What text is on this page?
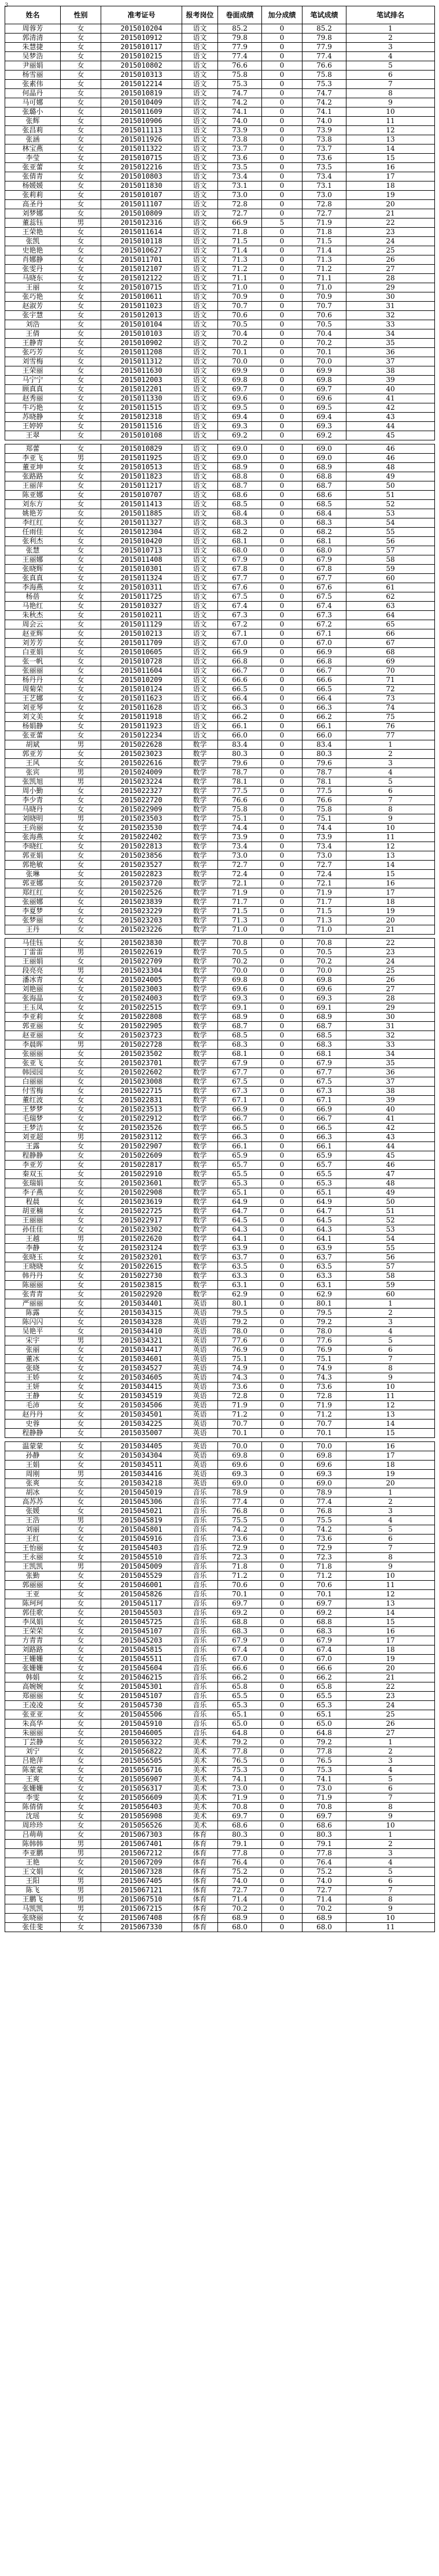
3
姓名	性别	准考证号	报考岗位	卷面成绩	加分成绩	笔试成绩	笔试排名
周蓉芳	女	2015010204	语文	85.2	0	85.2	1
郭清清	女	2015010912	语文	79.8	0	79.8	2
朱慧捷	女	2015010117	语文	77.9	0	77.9	3
吴梦浩	女	2015010215	语文	77.4	0	77.4	4
尹丽娟	女	2015010802	语文	76.6	0	76.6	5
杨雪丽	女	2015010313	语文	75.8	0	75.8	6
张素伟	女	2015012214	语文	75.3	0	75.3	7
何晶丹	女	2015010819	语文	74.7	0	74.7	8
马可娜	女	2015010409	语文	74.2	0	74.2	9
张璐小	女	2015011609	语文	74.1	0	74.1	10
张辉	女	2015010906	语文	74.0	0	74.0	11
张昌莉	女	2015011113	语文	73.9	0	73.9	12
张涵	女	2015011926	语文	73.8	0	73.8	13
林宝燕	女	2015011322	语文	73.7	0	73.7	14
李莹	女	2015010715	语文	73.6	0	73.6	15
张亚蕾	女	2015012216	语文	73.5	0	73.5	16
张倩青	女	2015010803	语文	73.4	0	73.4	17
杨媛媛	女	2015011830	语文	73.1	0	73.1	18
张莉莉	女	2015010107	语文	73.0	0	73.0	19
高圣丹	女	2015011107	语文	72.8	0	72.8	20
刘梦娜	女	2015010809	语文	72.7	0	72.7	21
董蕊钰	男	2015012316	语文	66.9	5	71.9	22
王荣艳	女	2015011614	语文	71.8	0	71.8	23
张凯	女	2015010118	语文	71.5	0	71.5	24
史艳艳	女	2015010627	语文	71.4	0	71.4	25
肖娜静	女	2015011701	语文	71.3	0	71.3	26
张雯丹	女	2015012107	语文	71.2	0	71.2	27
马晓东	女	2015012122	语文	71.1	0	71.1	28
王丽	女	2015010715	语文	71.0	0	71.0	29
张巧艳	女	2015010611	语文	70.9	0	70.9	30
赵淑芳	女	2015011023	语文	70.7	0	70.7	31
张宇慧	女	2015012013	语文	70.6	0	70.6	32
刘浩	女	2015010104	语文	70.5	0	70.5	33
王倩	女	2015010103	语文	70.4	0	70.4	34
王静青	女	2015010902	语文	70.2	0	70.2	35
张巧芳	女	2015011208	语文	70.1	0	70.1	36
刘雪梅	女	2015011312	语文	70.0	0	70.0	37
王荣丽	女	2015011630	语文	69.9	0	69.9	38
马宁宁	女	2015012003	语文	69.8	0	69.8	39
顾真真	女	2015012201	语文	69.7	0	69.7	40
赵秀丽	女	2015011330	语文	69.6	0	69.6	41
牛巧艳	女	2015011515	语文	69.5	0	69.5	42
苏晓静	女	2015012318	语文	69.4	0	69.4	43
王婷婷	女	2015011516	语文	69.3	0	69.3	44
王翠	女	2015010108	语文	69.2	0	69.2	45

郑蕾	女	2015010829	语文	69.0	0	69.0	46
李亚飞	男	2015011925	语文	69.0	0	69.0	46
董亚坤	女	2015010513	语文	68.9	0	68.9	48
张路路	女	2015011823	语文	68.8	0	68.8	49
王丽萍	女	2015011217	语文	68.7	0	68.7	50
陈亚娜	女	2015010707	语文	68.6	0	68.6	51
刘东方	女	2015011413	语文	68.5	0	68.5	52
姚艳芳	女	2015011885	语文	68.4	0	68.4	53
李红红	女	2015011327	语文	68.3	0	68.3	54
任雨佳	女	2015012304	语文	68.2	0	68.2	55
张利杰	女	2015010420	语文	68.1	0	68.1	56
张慧	女	2015010713	语文	68.0	0	68.0	57
王丽娜	女	2015011408	语文	67.9	0	67.9	58
张晓辉	女	2015010301	语文	67.8	0	67.8	59
张真真	女	2015011324	语文	67.7	0	67.7	60
李海燕	女	2015010311	语文	67.6	0	67.6	61
杨蓓	女	2015011725	语文	67.5	0	67.5	62
马艳红	女	2015010327	语文	67.4	0	67.4	63
朱秋杰	女	2015010211	语文	67.3	0	67.3	64
周会云	女	2015011129	语文	67.2	0	67.2	65
赵亚辉	女	2015010213	语文	67.1	0	67.1	66
刘芳芳	女	2015011709	语文	67.0	0	67.0	67
白亚娟	女	2015010605	语文	66.9	0	66.9	68
张一帆	女	2015010728	语文	66.8	0	66.8	69
张丽丽	女	2015011604	语文	66.7	0	66.7	70
杨丹丹	女	2015010209	语文	66.6	0	66.6	71
周菊荣	女	2015010124	语文	66.5	0	66.5	72
王艺娜	女	2015011623	语文	66.4	0	66.4	73
刘亚琴	女	2015011628	语文	66.3	0	66.3	74
刘文美	女	2015011918	语文	66.2	0	66.2	75
杨娟静	女	2015011923	语文	66.1	0	66.1	76
张亚蕾	女	2015012234	语文	66.0	0	66.0	77
胡斌	男	2015022628	数学	83.4	0	83.4	1
郭亚芳	女	2015023023	数学	80.3	0	80.3	2
王风	女	2015022616	数学	79.6	0	79.6	3
张宾	男	2015024009	数学	78.7	0	78.7	4
张凯旭	男	2015023224	数学	78.1	0	78.1	5
周小勤	女	2015022327	数学	77.5	0	77.5	6
李少青	女	2015022720	数学	76.6	0	76.6	7
马晓丹	女	2015022909	数学	75.8	0	75.8	8
刘晓明	男	2015023503	数学	75.1	0	75.1	9
王尚丽	女	2015023530	数学	74.4	0	74.4	10
张海燕	女	2015022402	数学	73.9	0	73.9	11
李晓红	女	2015022813	数学	73.4	0	73.4	12
郭亚娟	女	2015023856	数学	73.0	0	73.0	13
郭艳敏	女	2015023527	数学	72.7	0	72.7	14
张琳	女	2015022823	数学	72.4	0	72.4	15
郭亚娜	女	2015023720	数学	72.1	0	72.1	16
郑红红	女	2015022526	数学	71.9	0	71.9	17
张丽娜	女	2015023839	数学	71.7	0	71.7	18
李夏梦	女	2015023229	数学	71.5	0	71.5	19
张梦丽	女	2015023203	数学	71.3	0	71.3	20
王丹	女	2015023226	数学	71.0	0	71.0	21

马佳钰	女	2015023830	数学	70.8	0	70.8	22
丁雷雷	男	2015022619	数学	70.5	0	70.5	23
王丽娟	女	2015022709	数学	70.2	0	70.2	24
段亮亮	男	2015023304	数学	70.0	0	70.0	25
潘冰青	女	2015024005	数学	69.8	0	69.8	26
刘艳丽	女	2015023003	数学	69.6	0	69.6	27
张海晶	女	2015024003	数学	69.3	0	69.3	28
王玉凤	女	2015022515	数学	69.1	0	69.1	29
李亚莉	女	2015022808	数学	68.9	0	68.9	30
郭亚丽	女	2015022905	数学	68.7	0	68.7	31
赵亚丽	女	2015023723	数学	68.5	0	68.5	32
李晨晖	男	2015022728	数学	68.3	0	68.3	33
张丽丽	女	2015023502	数学	68.1	0	68.1	34
张亚飞	女	2015023701	数学	67.9	0	67.9	35
韩园园	女	2015022602	数学	67.7	0	67.7	36
白丽丽	女	2015023008	数学	67.5	0	67.5	37
付雪梅	女	2015022715	数学	67.3	0	67.3	38
董红波	女	2015022831	数学	67.1	0	67.1	39
王梦梦	女	2015023513	数学	66.9	0	66.9	40
毛瑞梦	女	2015022912	数学	66.7	0	66.7	41
王梦洁	女	2015023526	数学	66.5	0	66.5	42
刘亚超	男	2015023112	数学	66.3	0	66.3	43
王露	女	2015022907	数学	66.1	0	66.1	44
程静静	女	2015022609	数学	65.9	0	65.9	45
李亚芳	女	2015022817	数学	65.7	0	65.7	46
秦双玉	女	2015022910	数学	65.5	0	65.5	47
张瑞娟	女	2015023601	数学	65.3	0	65.3	48
李子燕	女	2015022908	数学	65.1	0	65.1	49
程晨	女	2015023619	数学	64.9	0	64.9	50
胡亚楠	女	2015022725	数学	64.7	0	64.7	51
王丽丽	女	2015022917	数学	64.5	0	64.5	52
孙佳佳	女	2015023302	数学	64.3	0	64.3	53
王越	男	2015022620	数学	64.1	0	64.1	54
李静	女	2015023124	数学	63.9	0	63.9	55
张晓玉	女	2015023201	数学	63.7	0	63.7	56
王晓晓	女	2015022615	数学	63.5	0	63.5	57
韩丹丹	女	2015022730	数学	63.3	0	63.3	58
陈丽丽	女	2015023815	数学	63.1	0	63.1	59
张青青	女	2015022920	数学	62.9	0	62.9	60
严丽丽	女	2015034401	英语	80.1	0	80.1	1
陈露	女	2015034315	英语	79.5	0	79.5	2
陈闪闪	女	2015034328	英语	79.2	0	79.2	3
吴艳平	女	2015034410	英语	78.0	0	78.0	4
宋宇	男	2015034321	英语	77.6	0	77.6	5
张丽	女	2015034417	英语	76.9	0	76.9	6
董冰	女	2015034601	英语	75.1	0	75.1	7
张晓	女	2015034527	英语	74.9	0	74.9	8
王娇	女	2015034605	英语	74.3	0	74.3	9
王妍	女	2015034415	英语	73.6	0	73.6	10
王静	女	2015034519	英语	72.8	0	72.8	11
毛沛	女	2015034506	英语	71.9	0	71.9	12
赵丹丹	女	2015034501	英语	71.2	0	71.2	13
史蓉	女	2015034225	英语	70.7	0	70.7	14
程静静	女	2015035007	英语	70.1	0	70.1	15

温蒙蒙	女	2015034405	英语	70.0	0	70.0	16
孙静	女	2015034304	英语	69.8	0	69.8	17
王娟	女	2015034511	英语	69.6	0	69.6	18
周刚	男	2015034416	英语	69.3	0	69.3	19
张爽	女	2015034218	英语	69.0	0	69.0	20
胡冰	女	2015045019	音乐	78.9	0	78.9	1
高苏苏	女	2015045306	音乐	77.4	0	77.4	2
张媛	女	2015045021	音乐	76.8	0	76.8	3
王浩	男	2015045819	音乐	75.5	0	75.5	4
刘丽	女	2015045801	音乐	74.2	0	74.2	5
王红	女	2015045916	音乐	73.6	0	73.6	6
王怡丽	女	2015045403	音乐	72.9	0	72.9	7
王永丽	女	2015045510	音乐	72.3	0	72.3	8
王凯凯	男	2015045009	音乐	71.8	0	71.8	9
张勤	女	2015045529	音乐	71.2	0	71.2	10
郭丽丽	女	2015046001	音乐	70.6	0	70.6	11
王亚	女	2015045826	音乐	70.1	0	70.1	12
陈珂珂	女	2015045117	音乐	69.7	0	69.7	13
郭佳歌	女	2015045503	音乐	69.2	0	69.2	14
李凤娟	女	2015045725	音乐	68.8	0	68.8	15
王荣荣	女	2015045107	音乐	68.3	0	68.3	16
方青青	女	2015045203	音乐	67.9	0	67.9	17
刘路路	女	2015045815	音乐	67.4	0	67.4	18
王姗姗	女	2015045511	音乐	67.0	0	67.0	19
张姗姗	女	2015045604	音乐	66.6	0	66.6	20
韩娟	女	2015046215	音乐	66.2	0	66.2	21
高婉婉	女	2015045301	音乐	65.8	0	65.8	22
郑丽丽	女	2015045107	音乐	65.5	0	65.5	23
王凌凌	女	2015045730	音乐	65.3	0	65.3	24
张亚亚	女	2015045506	音乐	65.1	0	65.1	25
朱高华	女	2015045910	音乐	65.0	0	65.0	26
朱丽丽	女	2015046005	音乐	64.8	0	64.8	27
丁芸静	女	2015056322	美术	79.2	0	79.2	1
刘宁	女	2015056822	美术	77.8	0	77.8	2
吕艳萍	女	2015056505	美术	76.5	0	76.5	3
陈蒙蒙	女	2015056716	美术	75.3	0	75.3	4
王爽	女	2015056907	美术	74.1	0	74.1	5
张姗姗	女	2015056317	美术	73.0	0	73.0	6
李雯	女	2015056609	美术	71.9	0	71.9	7
陈倩倩	女	2015056403	美术	70.8	0	70.8	8
沈瑶	女	2015056908	美术	69.7	0	69.7	9
周珍珍	女	2015056526	美术	68.6	0	68.6	10
吕萌萌	女	2015067303	体育	80.3	0	80.3	1
陈韩韩	男	2015067401	体育	79.1	0	79.1	2
李亚鹏	男	2015067212	体育	77.8	0	77.8	3
王艳	女	2015067209	体育	76.4	0	76.4	4
王文娟	女	2015067328	体育	75.2	0	75.2	5
王阳	男	2015067405	体育	74.0	0	74.0	6
陈飞	男	2015067121	体育	72.7	0	72.7	7
王鹏飞	男	2015067510	体育	71.4	0	71.4	8
马凯凯	男	2015067215	体育	70.2	0	70.2	9
张晓丽	女	2015067408	体育	68.9	0	68.9	10
张佳斐	女	2015067330	体育	68.0	0	68.0	11
